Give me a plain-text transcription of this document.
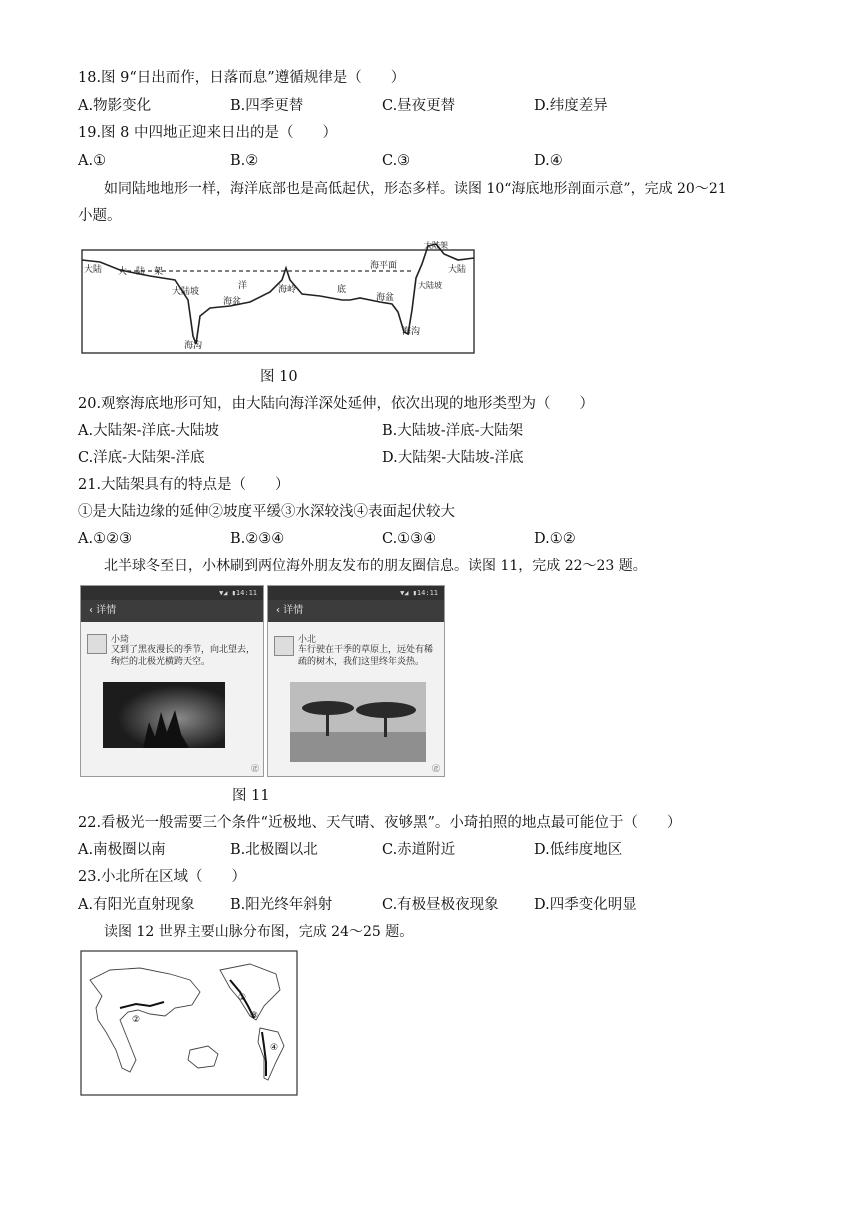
18.图 9“日出而作，日落而息”遵循规律是（　　）
A.物影变化	B.四季更替	C.昼夜更替	D.纬度差异
19.图 8 中四地正迎来日出的是（　　）
A.①	B.②	C.③	D.④
如同陆地地形一样，海洋底部也是高低起伏，形态多样。读图 10“海底地形剖面示意”，完成 20～21
小题。
大陆 大　陆　架
海平面
大陆坡
海沟
海盆
洋	海岭	底
海盆
大陆坡
海沟
大陆架
大陆
图 10
20.观察海底地形可知，由大陆向海洋深处延伸，依次出现的地形类型为（　　）
A.大陆架-洋底-大陆坡	B.大陆坡-洋底-大陆架
C.洋底-大陆架-洋底	D.大陆架-大陆坡-洋底
21.大陆架具有的特点是（　　）
①是大陆边缘的延伸②坡度平缓③水深较浅④表面起伏较大
A.①②③	B.②③④	C.①③④	D.①②
北半球冬至日，小林刷到两位海外朋友发布的朋友圈信息。读图 11，完成 22～23 题。
▼◢ ▮14:11
‹ 详情
小琦
又到了黑夜漫长的季节，向北望去，绚烂的北极光横跨天空。
㊣
▼◢ ▮14:11
‹ 详情
小北
车行驶在干季的草原上，远处有稀疏的树木，我们这里终年炎热。
㊣
图 11
22.看极光一般需要三个条件“近极地、天气晴、夜够黑”。小琦拍照的地点最可能位于（　　）
A.南极圈以南	B.北极圈以北	C.赤道附近	D.低纬度地区
23.小北所在区域（　　）
A.有阳光直射现象 B.阳光终年斜射	C.有极昼极夜现象 D.四季变化明显
读图 12 世界主要山脉分布图，完成 24～25 题。
①
②	③
④
